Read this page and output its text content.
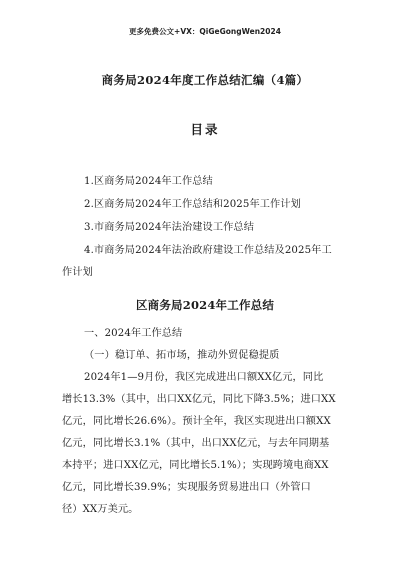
更多免费公文+VX：QiGeGongWen2024
商务局2024年度工作总结汇编（4篇）
目录
1.区商务局2024年工作总结
2.区商务局2024年工作总结和2025年工作计划
3.市商务局2024年法治建设工作总结
4.市商务局2024年法治政府建设工作总结及2025年工
作计划
区商务局2024年工作总结
一、2024年工作总结
（一）稳订单、拓市场，推动外贸促稳提质
2024年1—9月份，我区完成进出口额XX亿元，同比
增长13.3%（其中，出口XX亿元，同比下降3.5%；进口XX
亿元，同比增长26.6%）。预计全年，我区实现进出口额XX
亿元，同比增长3.1%（其中，出口XX亿元，与去年同期基
本持平；进口XX亿元，同比增长5.1%）；实现跨境电商XX
亿元，同比增长39.9%；实现服务贸易进出口（外管口
径）XX万美元。
